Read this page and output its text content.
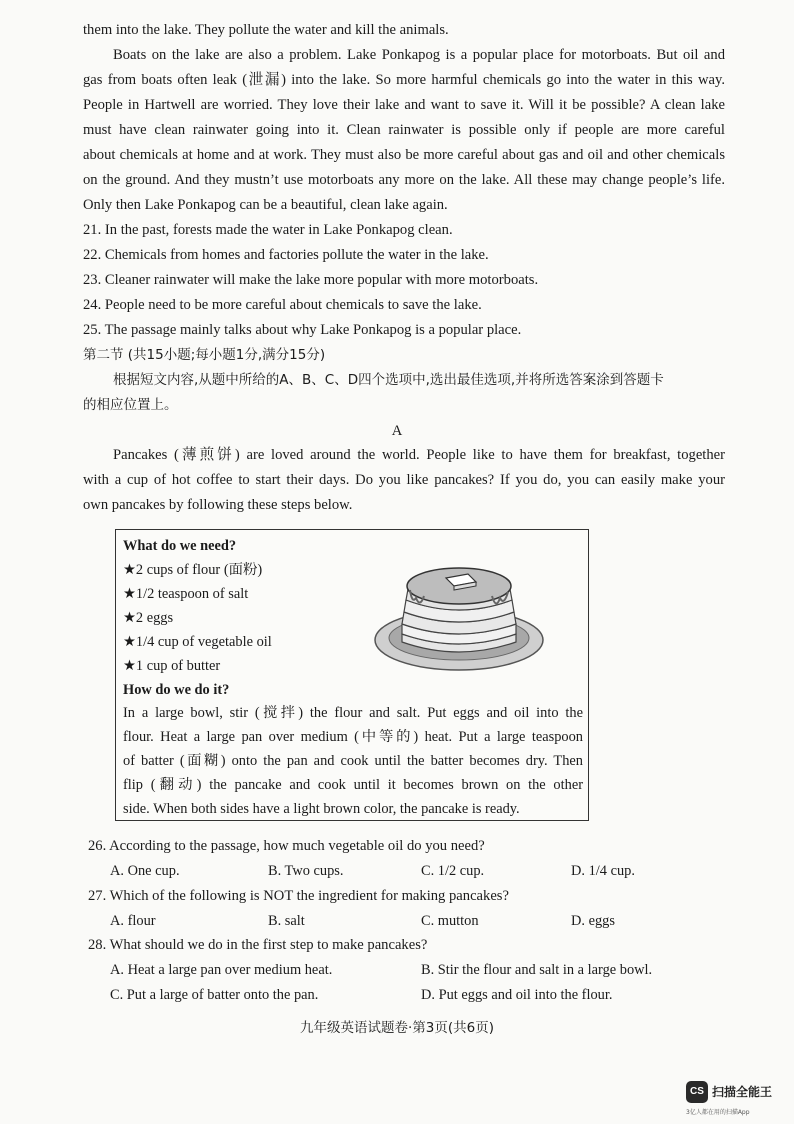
them into the lake. They pollute the water and kill the animals.
Boats on the lake are also a problem. Lake Ponkapog is a popular place for motorboats. But oil and
gas from boats often leak (泄漏) into the lake. So more harmful chemicals go into the water in this way.
People in Hartwell are worried. They love their lake and want to save it. Will it be possible? A clean lake
must have clean rainwater going into it. Clean rainwater is possible only if people are more careful
about chemicals at home and at work. They must also be more careful about gas and oil and other chemicals
on the ground. And they mustn’t use motorboats any more on the lake. All these may change people’s life.
Only then Lake Ponkapog can be a beautiful, clean lake again.
21. In the past, forests made the water in Lake Ponkapog clean.
22. Chemicals from homes and factories pollute the water in the lake.
23. Cleaner rainwater will make the lake more popular with more motorboats.
24. People need to be more careful about chemicals to save the lake.
25. The passage mainly talks about why Lake Ponkapog is a popular place.
第二节 (共15小题;每小题1分,满分15分)
根据短文内容,从题中所给的A、B、C、D四个选项中,选出最佳选项,并将所选答案涂到答题卡
的相应位置上。
A
Pancakes (薄煎饼) are loved around the world. People like to have them for breakfast, together
with a cup of hot coffee to start their days. Do you like pancakes? If you do, you can easily make your
own pancakes by following these steps below.
What do we need?
★2 cups of flour (面粉)
★1/2 teaspoon of salt
★2 eggs
★1/4 cup of vegetable oil
★1 cup of butter
How do we do it?
In a large bowl, stir (搅拌) the flour and salt. Put eggs and oil into the
flour. Heat a large pan over medium (中等的) heat. Put a large teaspoon
of batter (面糊) onto the pan and cook until the batter becomes dry. Then
flip (翻动) the pancake and cook until it becomes brown on the other
side. When both sides have a light brown color, the pancake is ready.
26. According to the passage, how much vegetable oil do you need?
A. One cup.	B. Two cups.	C. 1/2 cup.	D. 1/4 cup.
27. Which of the following is NOT the ingredient for making pancakes?
A. flour	B. salt	C. mutton	D. eggs
28. What should we do in the first step to make pancakes?
A. Heat a large pan over medium heat.	B. Stir the flour and salt in a large bowl.
C. Put a large of batter onto the pan.	D. Put eggs and oil into the flour.
九年级英语试题卷·第3页(共6页)
CS 扫描全能王
3亿人都在用的扫描App
